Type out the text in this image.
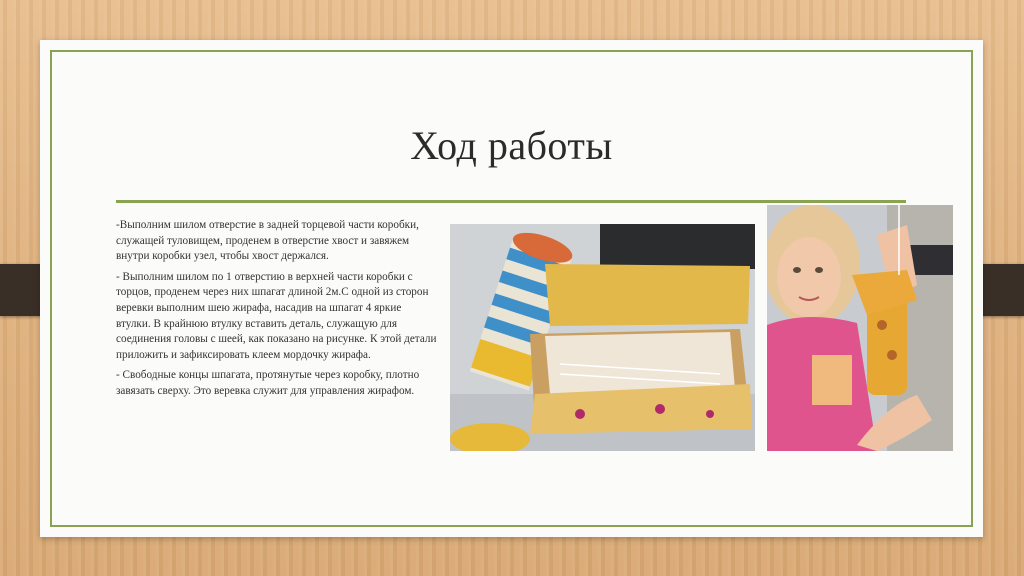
Ход работы

-Выполним шилом отверстие в задней торцевой части коробки, служащей туловищем, проденем в отверстие хвост и завяжем внутри коробки узел, чтобы хвост держался.

- Выполним шилом по 1 отверстию в верхней части коробки с торцов, проденем через них шпагат длиной 2м.С одной из сторон веревки выполним шею жирафа, насадив на шпагат 4 яркие втулки. В крайнюю втулку вставить деталь, служащую для соединения головы с шеей, как показано на рисунке. К этой детали приложить и зафиксировать клеем мордочку жирафа.

- Свободные концы шпагата, протянутые через коробку, плотно завязать сверху. Это веревка служит для управления жирафом.
